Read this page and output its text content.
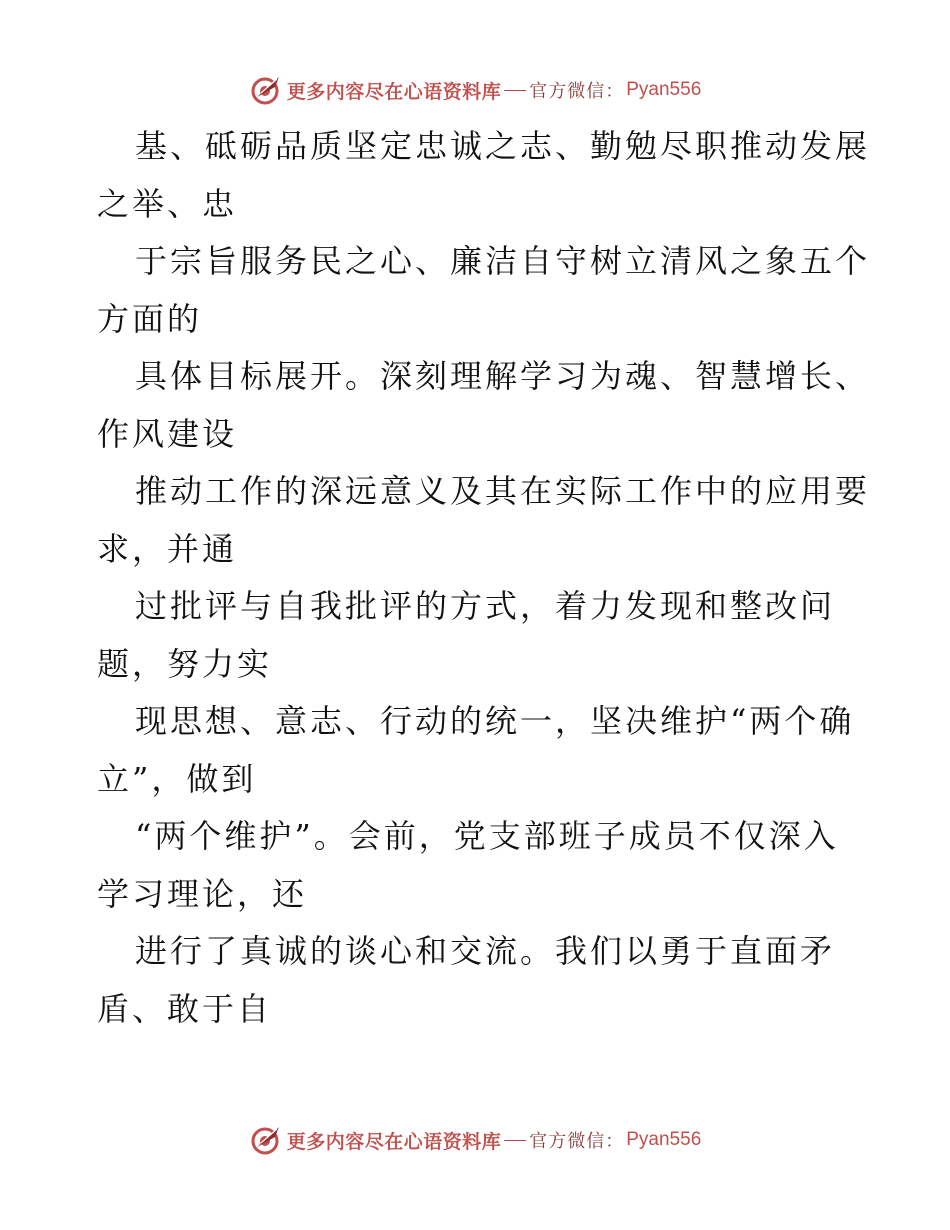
更多内容尽在心语资料库 官方微信： Pyan556
基、砥砺品质坚定忠诚之志、勤勉尽职推动发展
之举、忠
于宗旨服务民之心、廉洁自守树立清风之象五个
方面的
具体目标展开。深刻理解学习为魂、智慧增长、
作风建设
推动工作的深远意义及其在实际工作中的应用要
求，并通
过批评与自我批评的方式，着力发现和整改问
题，努力实
现思想、意志、行动的统一，坚决维护“两个确
立”，做到
“两个维护”。会前，党支部班子成员不仅深入
学习理论，还
进行了真诚的谈心和交流。我们以勇于直面矛
盾、敢于自
更多内容尽在心语资料库 官方微信： Pyan556
